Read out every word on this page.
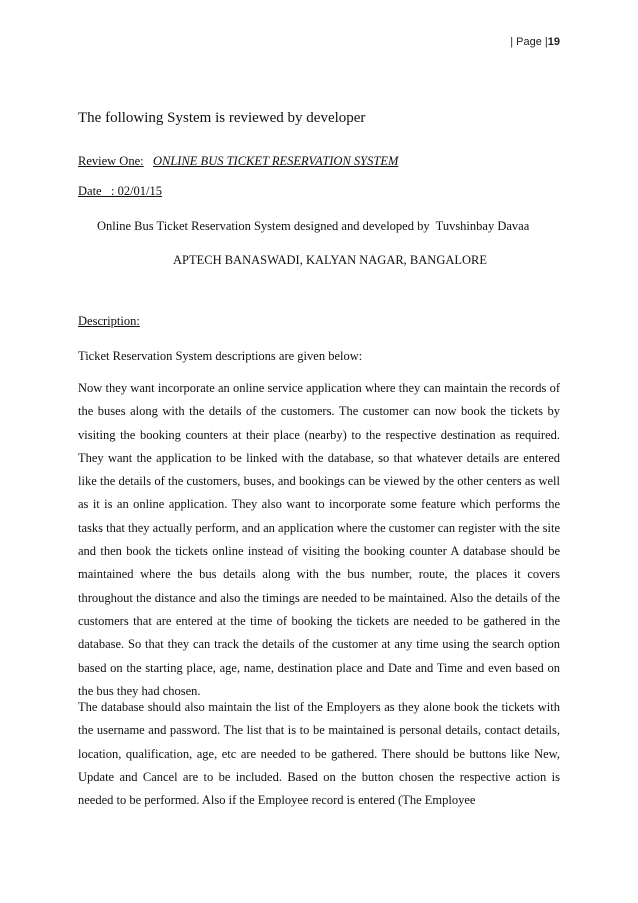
| Page |19

The following System is reviewed by developer

Review One: ONLINE BUS TICKET RESERVATION SYSTEM
Date   : 02/01/15
Online Bus Ticket Reservation System designed and developed by  Tuvshinbay Davaa
APTECH BANASWADI, KALYAN NAGAR, BANGALORE
Description:
Ticket Reservation System descriptions are given below:

Now they want incorporate an online service application where they can maintain the records of the buses along with the details of the customers. The customer can now book the tickets by visiting the booking counters at their place (nearby) to the respective destination as required. They want the application to be linked with the database, so that whatever details are entered like the details of the customers, buses, and bookings can be viewed by the other centers as well as it is an online application. They also want to incorporate some feature which performs the tasks that they actually perform, and an application where the customer can register with the site and then book the tickets online instead of visiting the booking counter A database should be maintained where the bus details along with the bus number, route, the places it covers throughout the distance and also the timings are needed to be maintained. Also the details of the customers that are entered at the time of booking the tickets are needed to be gathered in the database. So that they can track the details of the customer at any time using the search option based on the starting place, age, name, destination place and Date and Time and even based on the bus they had chosen.

The database should also maintain the list of the Employers as they alone book the tickets with the username and password. The list that is to be maintained is personal details, contact details, location, qualification, age, etc are needed to be gathered. There should be buttons like New, Update and Cancel are to be included. Based on the button chosen the respective action is needed to be performed. Also if the Employee record is entered (The Employee
